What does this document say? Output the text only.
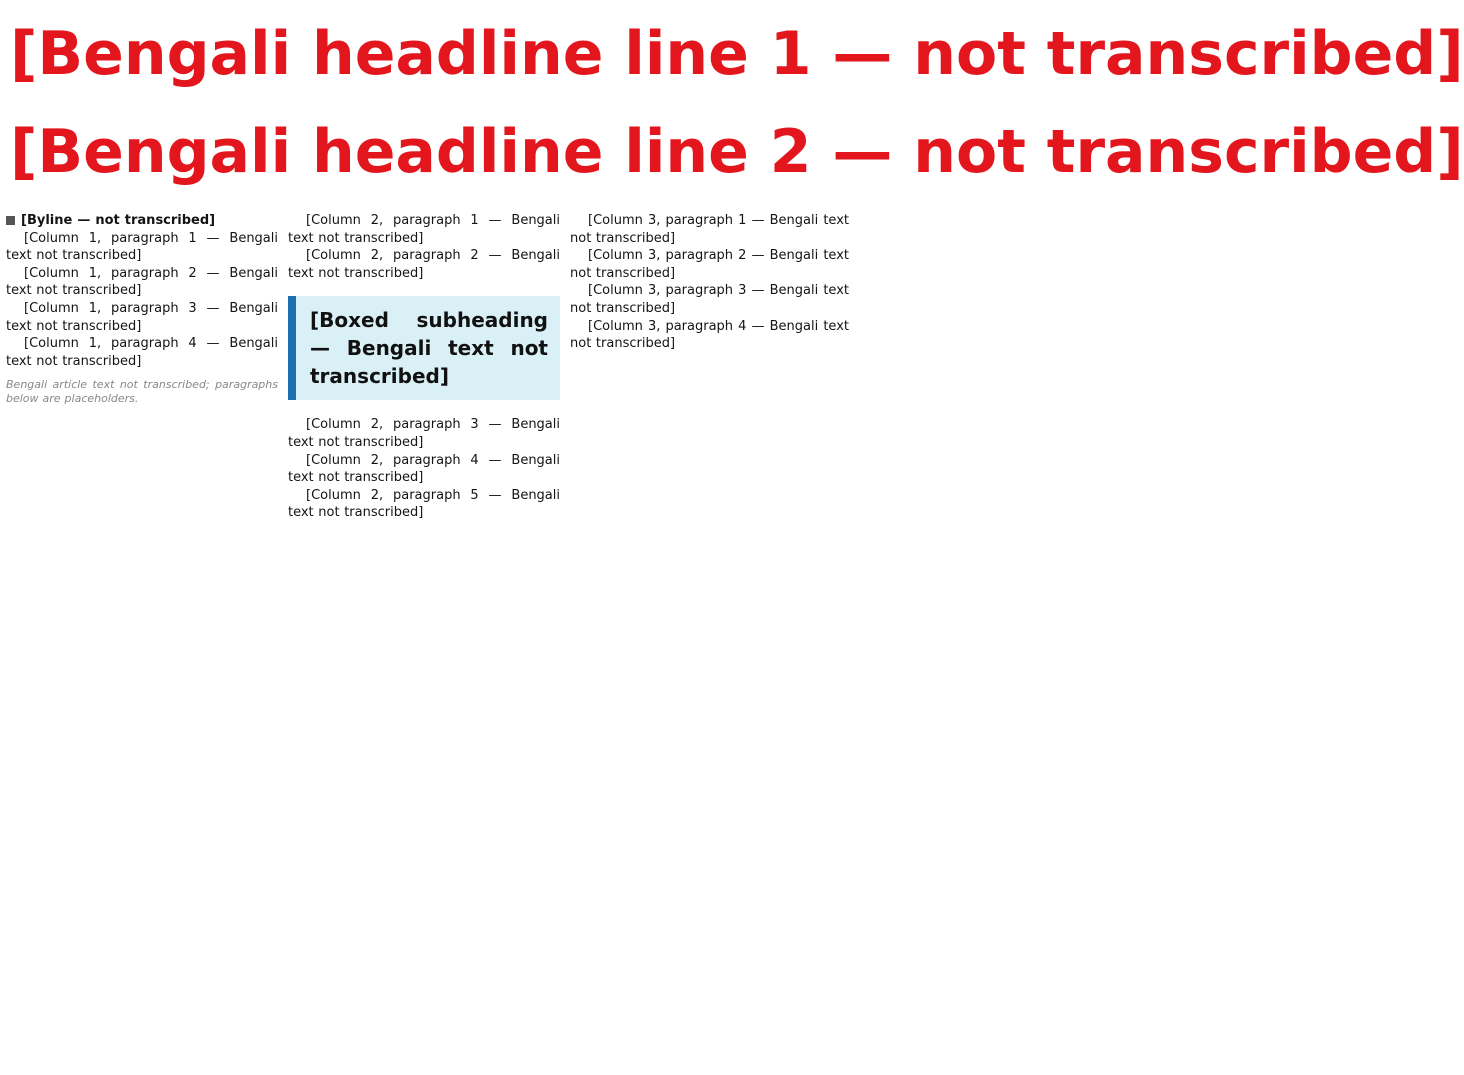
[Bengali headline line 1 — not transcribed]
[Bengali headline line 2 — not transcribed]
[Byline — not transcribed]

[Column 1, paragraph 1 — Bengali text not transcribed]

[Column 1, paragraph 2 — Bengali text not transcribed]

[Column 1, paragraph 3 — Bengali text not transcribed]

[Column 1, paragraph 4 — Bengali text not transcribed]

Bengali article text not transcribed; paragraphs below are placeholders.

[Column 2, paragraph 1 — Bengali text not transcribed]

[Column 2, paragraph 2 — Bengali text not transcribed]

[Boxed subheading — Bengali text not transcribed]

[Column 2, paragraph 3 — Bengali text not transcribed]

[Column 2, paragraph 4 — Bengali text not transcribed]

[Column 2, paragraph 5 — Bengali text not transcribed]

[Column 3, paragraph 1 — Bengali text not transcribed]

[Column 3, paragraph 2 — Bengali text not transcribed]

[Column 3, paragraph 3 — Bengali text not transcribed]

[Column 3, paragraph 4 — Bengali text not transcribed]
